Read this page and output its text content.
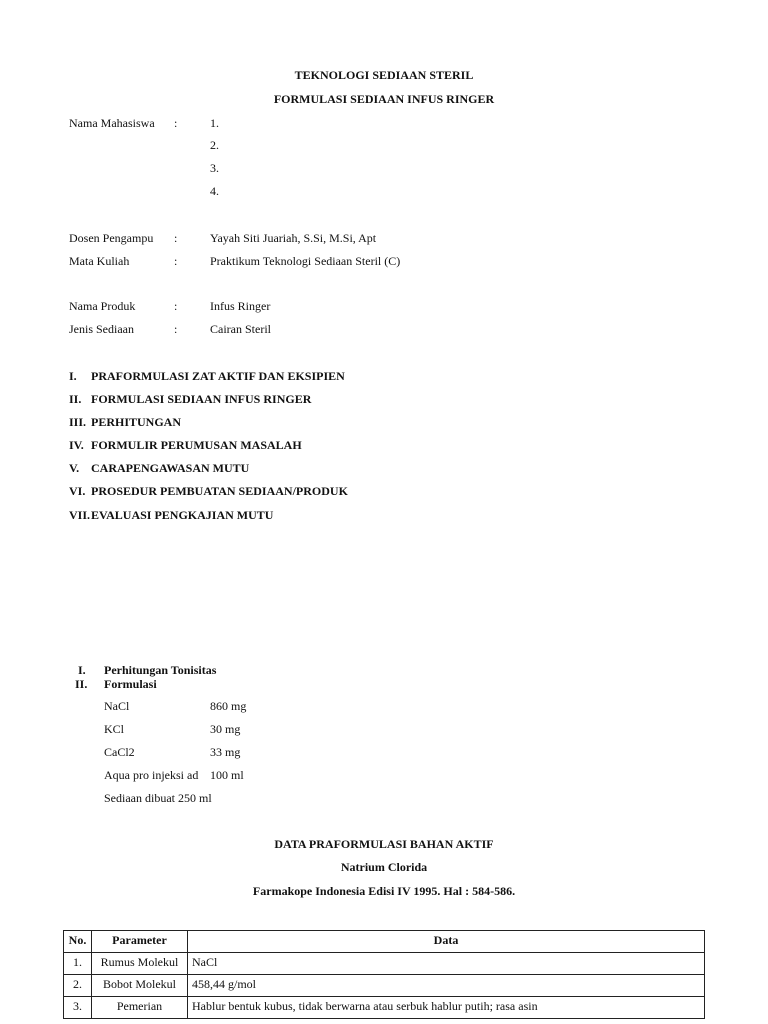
TEKNOLOGI SEDIAAN STERIL
FORMULASI SEDIAAN INFUS RINGER
Nama Mahasiswa	:	1.
2.
3.
4.
Dosen Pengampu	:	Yayah Siti Juariah, S.Si, M.Si, Apt
Mata Kuliah	:	Praktikum Teknologi Sediaan Steril (C)
Nama Produk	:	Infus Ringer
Jenis Sediaan	:	Cairan Steril
I. PRAFORMULASI ZAT AKTIF DAN EKSIPIEN
II. FORMULASI SEDIAAN INFUS RINGER
III. PERHITUNGAN
IV. FORMULIR PERUMUSAN MASALAH
V. CARAPENGAWASAN MUTU
VI. PROSEDUR PEMBUATAN SEDIAAN/PRODUK
VII.EVALUASI PENGKAJIAN MUTU
I. Perhitungan Tonisitas
II. Formulasi
NaCl	860 mg
KCl	30 mg
CaCl2	33 mg
Aqua pro injeksi ad 100 ml
Sediaan dibuat 250 ml
DATA PRAFORMULASI BAHAN AKTIF
Natrium Clorida
Farmakope Indonesia Edisi IV 1995. Hal : 584-586.
No.	Parameter	Data
1.	Rumus Molekul	NaCl
2.	Bobot Molekul	458,44 g/mol
3.	Pemerian	Hablur bentuk kubus, tidak berwarna atau serbuk hablur putih; rasa asin
